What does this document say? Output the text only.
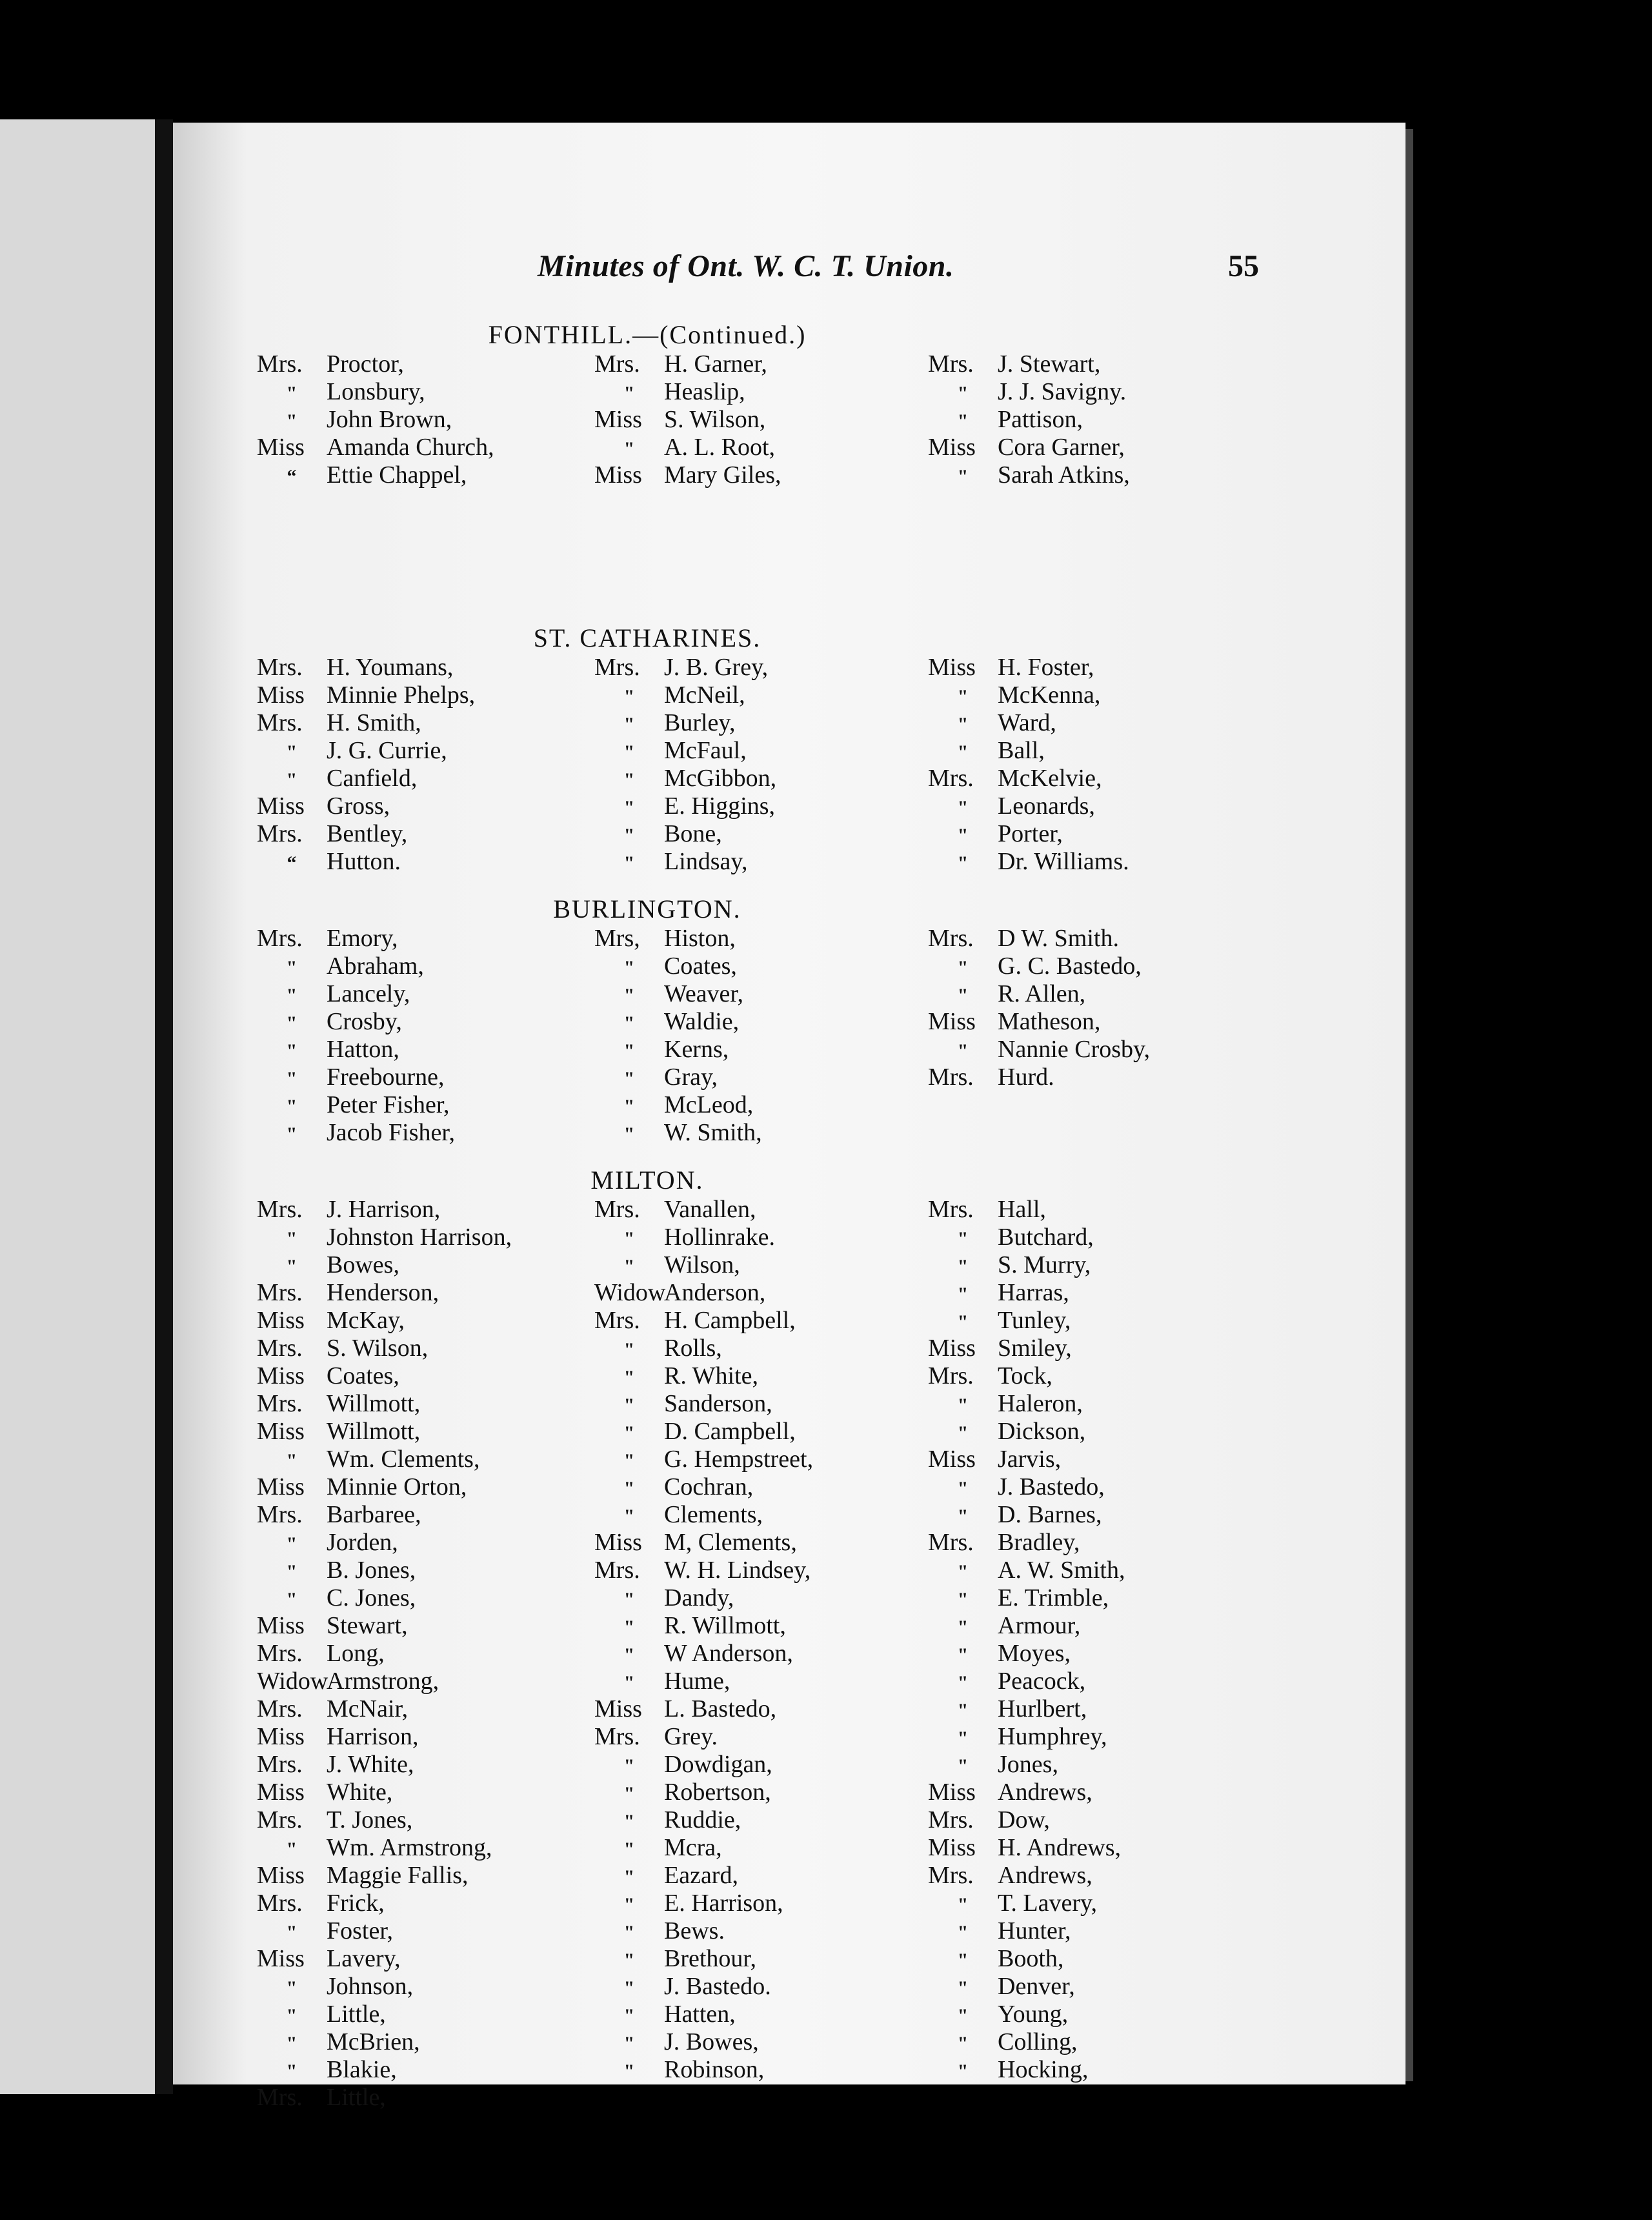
Minutes of Ont. W. C. T. Union.	55
FONTHILL.—(Continued.)
Mrs. Proctor,
" Lonsbury,
" John Brown,
Miss Amanda Church,
“ Ettie Chappel,
Mrs. H. Garner,
" Heaslip,
Miss S. Wilson,
" A. L. Root,
Miss Mary Giles,
Mrs. J. Stewart,
" J. J. Savigny.
" Pattison,
Miss Cora Garner,
" Sarah Atkins,
ST. CATHARINES.
Mrs. H. Youmans,
Miss Minnie Phelps,
Mrs. H. Smith,
" J. G. Currie,
" Canfield,
Miss Gross,
Mrs. Bentley,
“ Hutton.
Mrs. J. B. Grey,
" McNeil,
" Burley,
" McFaul,
" McGibbon,
" E. Higgins,
" Bone,
" Lindsay,
Miss H. Foster,
" McKenna,
" Ward,
" Ball,
Mrs. McKelvie,
" Leonards,
" Porter,
" Dr. Williams.
BURLINGTON.
Mrs. Emory,
" Abraham,
" Lancely,
" Crosby,
" Hatton,
" Freebourne,
" Peter Fisher,
" Jacob Fisher,
Mrs, Histon,
" Coates,
" Weaver,
" Waldie,
" Kerns,
" Gray,
" McLeod,
" W. Smith,
Mrs. D W. Smith.
" G. C. Bastedo,
" R. Allen,
Miss Matheson,
" Nannie Crosby,
Mrs. Hurd.
MILTON.
Mrs. J. Harrison,
" Johnston Harrison,
" Bowes,
Mrs. Henderson,
Miss McKay,
Mrs. S. Wilson,
Miss Coates,
Mrs. Willmott,
Miss Willmott,
" Wm. Clements,
Miss Minnie Orton,
Mrs. Barbaree,
" Jorden,
" B. Jones,
" C. Jones,
Miss Stewart,
Mrs. Long,
WidowArmstrong,
Mrs. McNair,
Miss Harrison,
Mrs. J. White,
Miss White,
Mrs. T. Jones,
" Wm. Armstrong,
Miss Maggie Fallis,
Mrs. Frick,
" Foster,
Miss Lavery,
" Johnson,
" Little,
" McBrien,
" Blakie,
Mrs. Little,
Mrs. Vanallen,
" Hollinrake.
" Wilson,
WidowAnderson,
Mrs. H. Campbell,
" Rolls,
" R. White,
" Sanderson,
" D. Campbell,
" G. Hempstreet,
" Cochran,
" Clements,
Miss M, Clements,
Mrs. W. H. Lindsey,
" Dandy,
" R. Willmott,
" W Anderson,
" Hume,
Miss L. Bastedo,
Mrs. Grey.
" Dowdigan,
" Robertson,
" Ruddie,
" Mcra,
" Eazard,
" E. Harrison,
" Bews.
" Brethour,
" J. Bastedo.
" Hatten,
" J. Bowes,
" Robinson,
Mrs. Hall,
" Butchard,
" S. Murry,
" Harras,
" Tunley,
Miss Smiley,
Mrs. Tock,
" Haleron,
" Dickson,
Miss Jarvis,
" J. Bastedo,
" D. Barnes,
Mrs. Bradley,
" A. W. Smith,
" E. Trimble,
" Armour,
" Moyes,
" Peacock,
" Hurlbert,
" Humphrey,
" Jones,
Miss Andrews,
Mrs. Dow,
Miss H. Andrews,
Mrs. Andrews,
" T. Lavery,
" Hunter,
" Booth,
" Denver,
" Young,
" Colling,
" Hocking,
